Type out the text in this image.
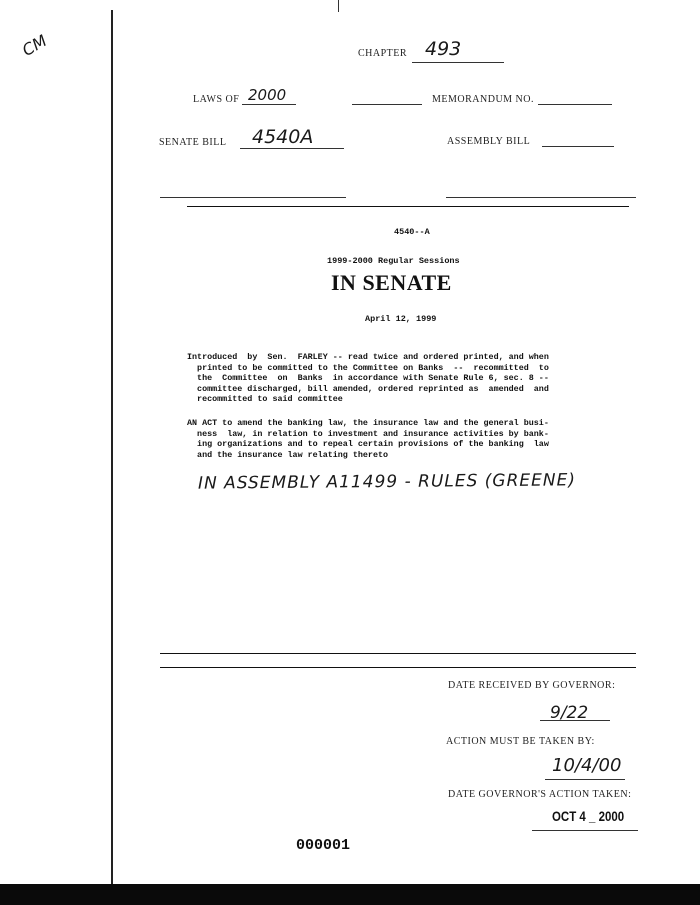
CM	CHAPTER 493
LAWS OF 2000	MEMORANDUM NO.
SENATE BILL 4540A	ASSEMBLY BILL
4540--A
1999-2000 Regular Sessions
IN SENATE
April 12, 1999
Introduced  by  Sen.  FARLEY -- read twice and ordered printed, and when
printed to be committed to the Committee on Banks  --  recommitted  to
the  Committee  on  Banks  in accordance with Senate Rule 6, sec. 8 --
committee discharged, bill amended, ordered reprinted as  amended  and
recommitted to said committee
AN ACT to amend the banking law, the insurance law and the general busi-
ness  law, in relation to investment and insurance activities by bank-
ing organizations and to repeal certain provisions of the banking  law
and the insurance law relating thereto
IN ASSEMBLY A11499 - RULES (GREENE)
DATE RECEIVED BY GOVERNOR:
9/22
ACTION MUST BE TAKEN BY:
10/4/00
DATE GOVERNOR'S ACTION TAKEN:
OCT 4 _ 2000
000001
